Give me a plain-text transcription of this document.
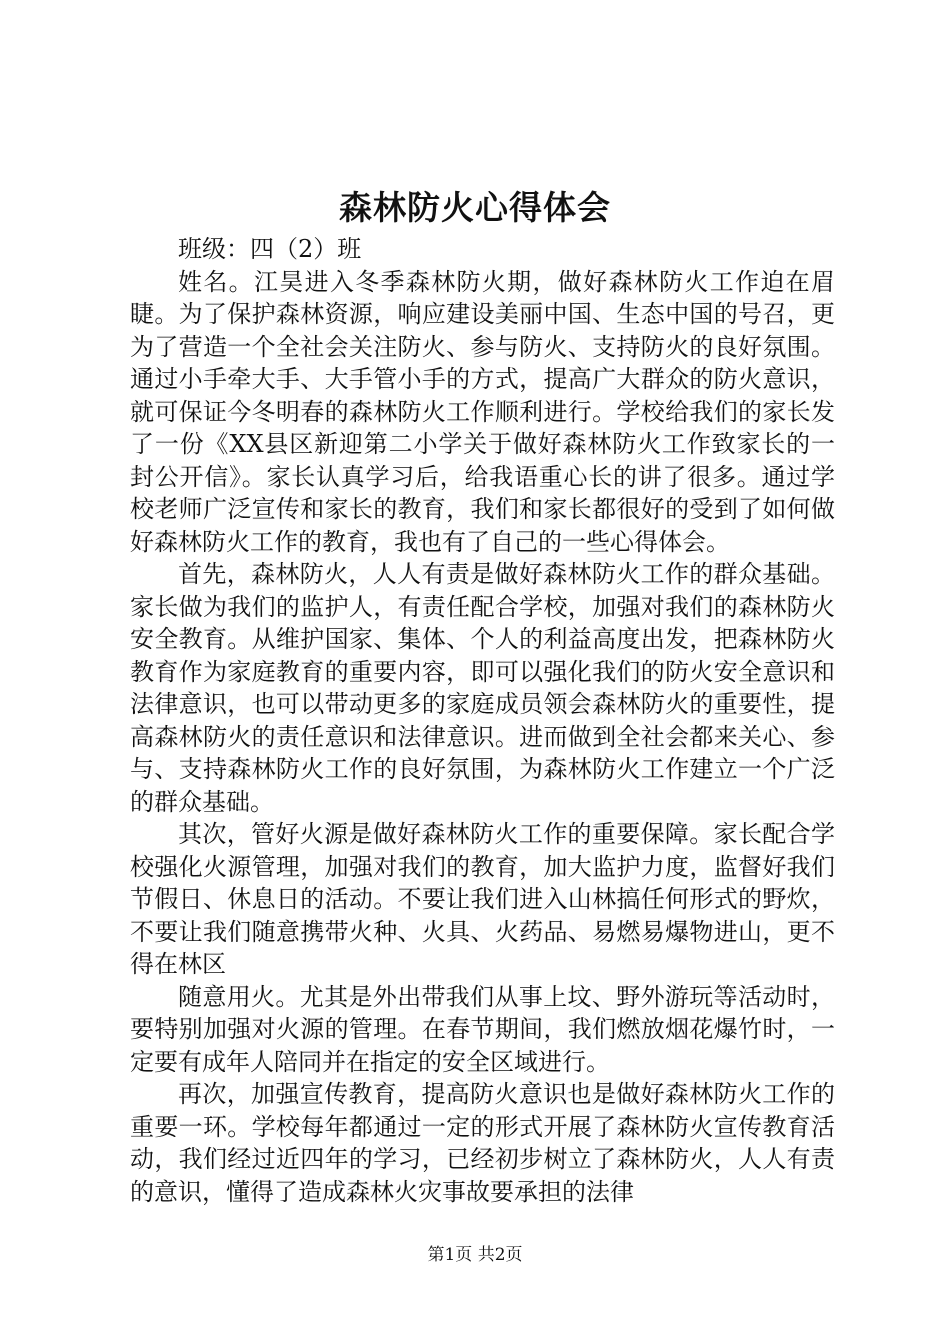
森林防火心得体会

班级：四（2）班

姓名。江昊进入冬季森林防火期，做好森林防火工作迫在眉睫。为了保护森林资源，响应建设美丽中国、生态中国的号召，更为了营造一个全社会关注防火、参与防火、支持防火的良好氛围。通过小手牵大手、大手管小手的方式，提高广大群众的防火意识，就可保证今冬明春的森林防火工作顺利进行。学校给我们的家长发了一份《XX县区新迎第二小学关于做好森林防火工作致家长的一封公开信》。家长认真学习后，给我语重心长的讲了很多。通过学校老师广泛宣传和家长的教育，我们和家长都很好的受到了如何做好森林防火工作的教育，我也有了自己的一些心得体会。

首先，森林防火，人人有责是做好森林防火工作的群众基础。家长做为我们的监护人，有责任配合学校，加强对我们的森林防火安全教育。从维护国家、集体、个人的利益高度出发，把森林防火教育作为家庭教育的重要内容，即可以强化我们的防火安全意识和法律意识，也可以带动更多的家庭成员领会森林防火的重要性，提高森林防火的责任意识和法律意识。进而做到全社会都来关心、参与、支持森林防火工作的良好氛围，为森林防火工作建立一个广泛的群众基础。

其次，管好火源是做好森林防火工作的重要保障。家长配合学校强化火源管理，加强对我们的教育，加大监护力度，监督好我们节假日、休息日的活动。不要让我们进入山林搞任何形式的野炊，不要让我们随意携带火种、火具、火药品、易燃易爆物进山，更不得在林区

随意用火。尤其是外出带我们从事上坟、野外游玩等活动时，要特别加强对火源的管理。在春节期间，我们燃放烟花爆竹时，一定要有成年人陪同并在指定的安全区域进行。

再次，加强宣传教育，提高防火意识也是做好森林防火工作的重要一环。学校每年都通过一定的形式开展了森林防火宣传教育活动，我们经过近四年的学习，已经初步树立了森林防火，人人有责的意识，懂得了造成森林火灾事故要承担的法律

第1页 共2页
